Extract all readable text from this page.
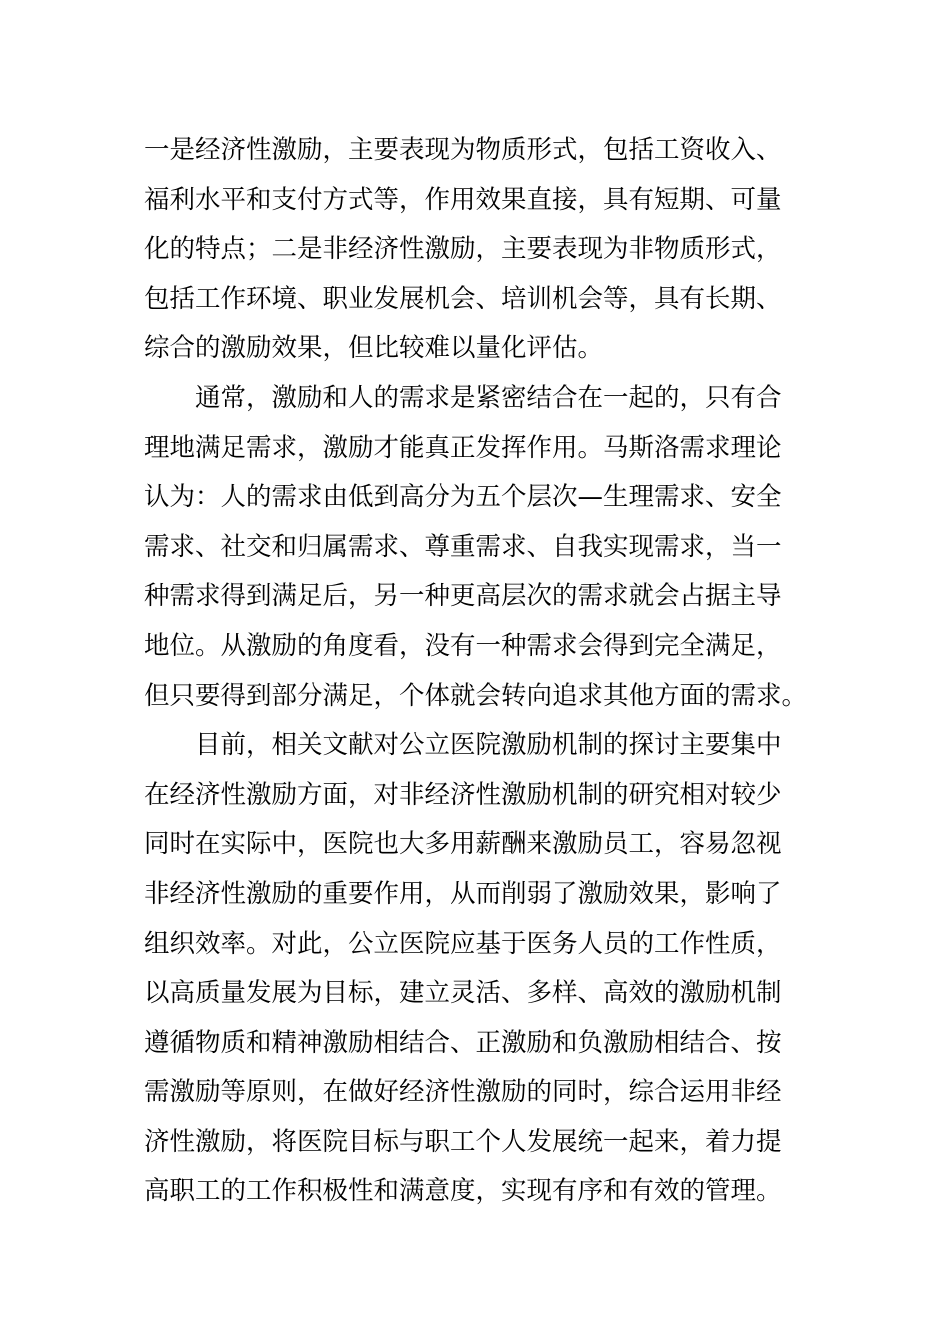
一是经济性激励，主要表现为物质形式，包括工资收入、
福利水平和支付方式等，作用效果直接，具有短期、可量
化的特点；二是非经济性激励，主要表现为非物质形式，
包括工作环境、职业发展机会、培训机会等，具有长期、
综合的激励效果，但比较难以量化评估。
通常，激励和人的需求是紧密结合在一起的，只有合
理地满足需求，激励才能真正发挥作用。马斯洛需求理论
认为：人的需求由低到高分为五个层次—生理需求、安全
需求、社交和归属需求、尊重需求、自我实现需求，当一
种需求得到满足后，另一种更高层次的需求就会占据主导
地位。从激励的角度看，没有一种需求会得到完全满足，
但只要得到部分满足，个体就会转向追求其他方面的需求。
目前，相关文献对公立医院激励机制的探讨主要集中
在经济性激励方面，对非经济性激励机制的研究相对较少
同时在实际中，医院也大多用薪酬来激励员工，容易忽视
非经济性激励的重要作用，从而削弱了激励效果，影响了
组织效率。对此，公立医院应基于医务人员的工作性质，
以高质量发展为目标，建立灵活、多样、高效的激励机制
遵循物质和精神激励相结合、正激励和负激励相结合、按
需激励等原则，在做好经济性激励的同时，综合运用非经
济性激励，将医院目标与职工个人发展统一起来，着力提
高职工的工作积极性和满意度，实现有序和有效的管理。
